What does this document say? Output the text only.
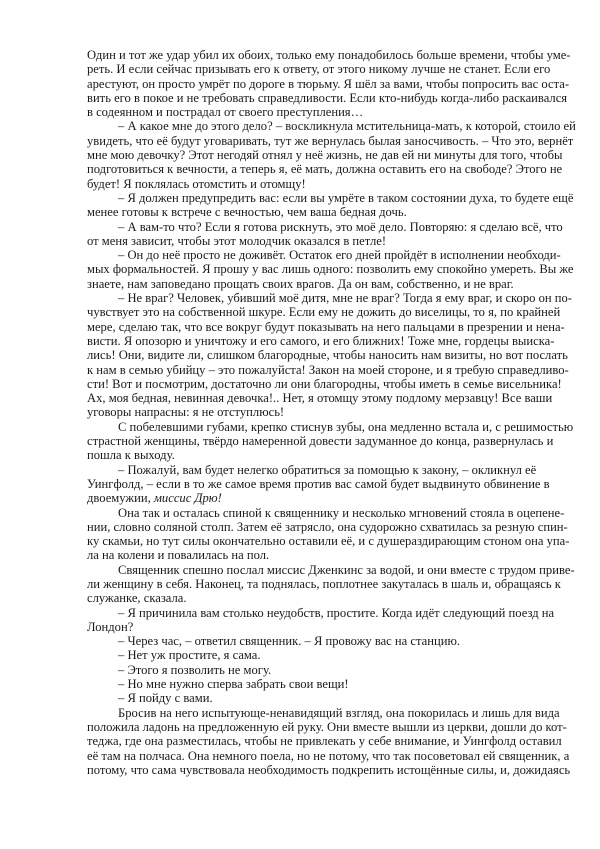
Один и тот же удар убил их обоих, только ему понадобилось больше времени, чтобы уме-
реть. И если сейчас призывать его к ответу, от этого никому лучше не станет. Если его
арестуют, он просто умрёт по дороге в тюрьму. Я шёл за вами, чтобы попросить вас оста-
вить его в покое и не требовать справедливости. Если кто-нибудь когда-либо раскаивался
в содеянном и пострадал от своего преступления…
– А какое мне до этого дело? – воскликнула мстительница-мать, к которой, стоило ей
увидеть, что её будут уговаривать, тут же вернулась былая заносчивость. – Что это, вернёт
мне мою девочку? Этот негодяй отнял у неё жизнь, не дав ей ни минуты для того, чтобы
подготовиться к вечности, а теперь я, её мать, должна оставить его на свободе? Этого не
будет! Я поклялась отомстить и отомщу!
– Я должен предупредить вас: если вы умрёте в таком состоянии духа, то будете ещё
менее готовы к встрече с вечностью, чем ваша бедная дочь.
– А вам-то что? Если я готова рискнуть, это моё дело. Повторяю: я сделаю всё, что
от меня зависит, чтобы этот молодчик оказался в петле!
– Он до неё просто не доживёт. Остаток его дней пройдёт в исполнении необходи-
мых формальностей. Я прошу у вас лишь одного: позволить ему спокойно умереть. Вы же
знаете, нам заповедано прощать своих врагов. Да он вам, собственно, и не враг.
– Не враг? Человек, убивший моё дитя, мне не враг? Тогда я ему враг, и скоро он по-
чувствует это на собственной шкуре. Если ему не дожить до виселицы, то я, по крайней
мере, сделаю так, что все вокруг будут показывать на него пальцами в презрении и нена-
висти. Я опозорю и уничтожу и его самого, и его ближних! Тоже мне, гордецы выиска-
лись! Они, видите ли, слишком благородные, чтобы наносить нам визиты, но вот послать
к нам в семью убийцу – это пожалуйста! Закон на моей стороне, и я требую справедливо-
сти! Вот и посмотрим, достаточно ли они благородны, чтобы иметь в семье висельника!
Ах, моя бедная, невинная девочка!.. Нет, я отомщу этому подлому мерзавцу! Все ваши
уговоры напрасны: я не отступлюсь!
С побелевшими губами, крепко стиснув зубы, она медленно встала и, с решимостью
страстной женщины, твёрдо намеренной довести задуманное до конца, развернулась и
пошла к выходу.
– Пожалуй, вам будет нелегко обратиться за помощью к закону, – окликнул её
Уингфолд, – если в то же самое время против вас самой будет выдвинуто обвинение в
двоемужии, миссис Дрю!
Она так и осталась спиной к священнику и несколько мгновений стояла в оцепене-
нии, словно соляной столп. Затем её затрясло, она судорожно схватилась за резную спин-
ку скамьи, но тут силы окончательно оставили её, и с душераздирающим стоном она упа-
ла на колени и повалилась на пол.
Священник спешно послал миссис Дженкинс за водой, и они вместе с трудом приве-
ли женщину в себя. Наконец, та поднялась, поплотнее закуталась в шаль и, обращаясь к
служанке, сказала.
– Я причинила вам столько неудобств, простите. Когда идёт следующий поезд на
Лондон?
– Через час, – ответил священник. – Я провожу вас на станцию.
– Нет уж простите, я сама.
– Этого я позволить не могу.
– Но мне нужно сперва забрать свои вещи!
– Я пойду с вами.
Бросив на него испытующе-ненавидящий взгляд, она покорилась и лишь для вида
положила ладонь на предложенную ей руку. Они вместе вышли из церкви, дошли до кот-
теджа, где она разместилась, чтобы не привлекать у себе внимание, и Уингфолд оставил
её там на полчаса. Она немного поела, но не потому, что так посоветовал ей священник, а
потому, что сама чувствовала необходимость подкрепить истощённые силы, и, дожидаясь
